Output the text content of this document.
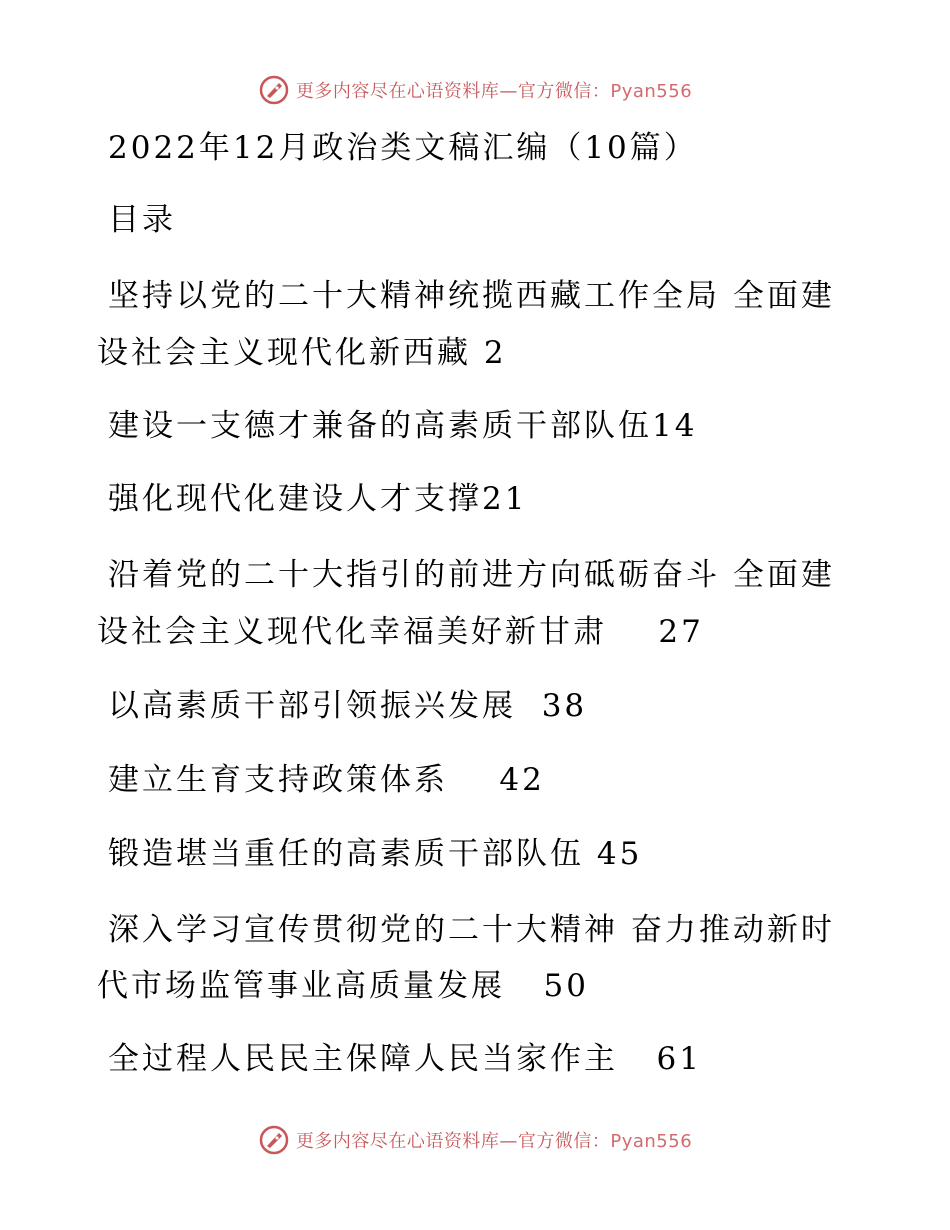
更多内容尽在心语资料库—官方微信：Pyan556
2022年12月政治类文稿汇编（10篇）
目录
坚持以党的二十大精神统揽西藏工作全局 全面建
设社会主义现代化新西藏 2
建设一支德才兼备的高素质干部队伍14
强化现代化建设人才支撑21
沿着党的二十大指引的前进方向砥砺奋斗 全面建
设社会主义现代化幸福美好新甘肃    27
以高素质干部引领振兴发展  38
建立生育支持政策体系    42
锻造堪当重任的高素质干部队伍 45
深入学习宣传贯彻党的二十大精神 奋力推动新时
代市场监管事业高质量发展   50
全过程人民民主保障人民当家作主   61
更多内容尽在心语资料库—官方微信：Pyan556
